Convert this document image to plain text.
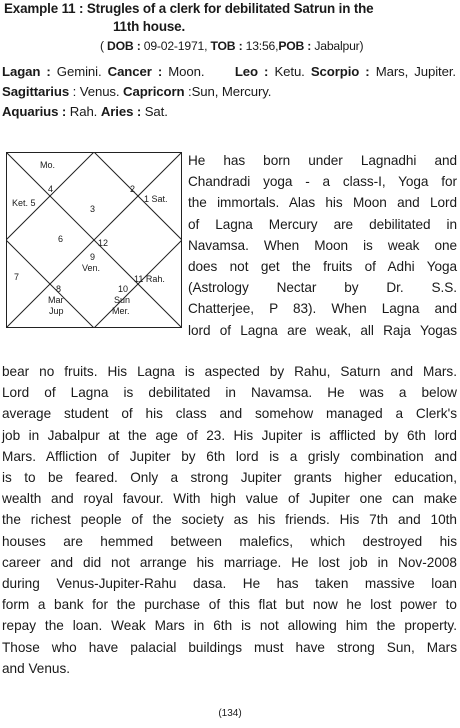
Example 11 : Strugles of a clerk for debilitated Satrun in the
11th house.
( DOB : 09-02-1971, TOB : 13:56,POB : Jabalpur)
Lagan : Gemini. Cancer : Moon.     Leo : Ketu. Scorpio : Mars, Jupiter. Sagittarius : Venus. Capricorn :Sun, Mercury.
Aquarius : Rah. Aries : Sat.
Mo.
4
Ket. 5
3
2
1 Sat.
6	12
9
Ven.
7
8
Mar
Jup
10
Sun
Mer.
11 Rah.
He has born under Lagnadhi and
Chandradi yoga - a class-I, Yoga for
the immortals. Alas his Moon and Lord
of Lagna Mercury are debilitated in
Navamsa. When Moon is weak one
does not get the fruits of Adhi Yoga
(Astrology Nectar by Dr. S.S.
Chatterjee, P 83). When Lagna and
lord of Lagna are weak, all Raja Yogas
bear no fruits. His Lagna is aspected by Rahu, Saturn and Mars.
Lord of Lagna is debilitated in Navamsa. He was a below
average student of his class and somehow managed a Clerk's
job in Jabalpur at the age of 23. His Jupiter is afflicted by 6th lord
Mars. Affliction of Jupiter by 6th lord is a grisly combination and
is to be feared. Only a strong Jupiter grants higher education,
wealth and royal favour. With high value of Jupiter one can make
the richest people of the society as his friends. His 7th and 10th
houses are hemmed between malefics, which destroyed his
career and did not arrange his marriage. He lost job in Nov-2008
during Venus-Jupiter-Rahu dasa. He has taken massive loan
form a bank for the purchase of this flat but now he lost power to
repay the loan. Weak Mars in 6th is not allowing him the property.
Those who have palacial buildings must have strong Sun, Mars
and Venus.
(134)
